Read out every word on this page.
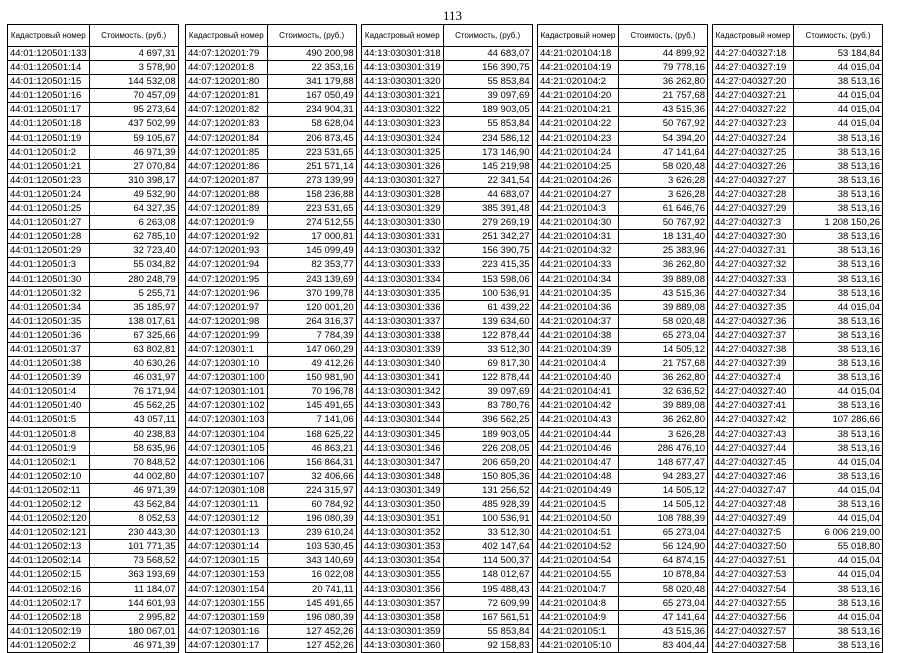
113
Кадастровый номер	Стоимость, (руб.)
44:01:120501:133	4 697,31
44:01:120501:14	3 578,90
44:01:120501:15	144 532,08
44:01:120501:16	70 457,09
44:01:120501:17	95 273,64
44:01:120501:18	437 502,99
44:01:120501:19	59 105,67
44:01:120501:2	46 971,39
44:01:120501:21	27 070,84
44:01:120501:23	310 398,17
44:01:120501:24	49 532,90
44:01:120501:25	64 327,35
44:01:120501:27	6 263,08
44:01:120501:28	62 785,10
44:01:120501:29	32 723,40
44:01:120501:3	55 034,82
44:01:120501:30	280 248,79
44:01:120501:32	5 255,71
44:01:120501:34	35 185,97
44:01:120501:35	138 017,61
44:01:120501:36	67 325,66
44:01:120501:37	63 802,81
44:01:120501:38	40 630,26
44:01:120501:39	46 031,97
44:01:120501:4	76 171,94
44:01:120501:40	45 562,25
44:01:120501:5	43 057,11
44:01:120501:8	40 238,83
44:01:120501:9	58 635,96
44:01:120502:1	70 848,52
44:01:120502:10	44 002,80
44:01:120502:11	46 971,39
44:01:120502:12	43 562,84
44:01:120502:120	8 052,53
44:01:120502:121	230 443,30
44:01:120502:13	101 771,35
44:01:120502:14	73 568,52
44:01:120502:15	363 193,69
44:01:120502:16	11 184,07
44:01:120502:17	144 601,93
44:01:120502:18	2 995,82
44:01:120502:19	180 067,01
44:01:120502:2	46 971,39
Кадастровый номер	Стоимость, (руб.)
44:07:120201:79	490 200,98
44:07:120201:8	22 353,16
44:07:120201:80	341 179,88
44:07:120201:81	167 050,49
44:07:120201:82	234 904,31
44:07:120201:83	58 628,04
44:07:120201:84	206 873,45
44:07:120201:85	223 531,65
44:07:120201:86	251 571,14
44:07:120201:87	273 139,99
44:07:120201:88	158 236,88
44:07:120201:89	223 531,65
44:07:120201:9	274 512,55
44:07:120201:92	17 000,81
44:07:120201:93	145 099,49
44:07:120201:94	82 353,77
44:07:120201:95	243 139,69
44:07:120201:96	370 199,78
44:07:120201:97	120 001,20
44:07:120201:98	264 316,37
44:07:120201:99	7 784,39
44:07:120301:1	147 060,29
44:07:120301:10	49 412,26
44:07:120301:100	150 981,90
44:07:120301:101	70 196,78
44:07:120301:102	145 491,65
44:07:120301:103	7 141,06
44:07:120301:104	168 625,22
44:07:120301:105	46 863,21
44:07:120301:106	156 864,31
44:07:120301:107	32 406,66
44:07:120301:108	224 315,97
44:07:120301:11	60 784,92
44:07:120301:12	196 080,39
44:07:120301:13	239 610,24
44:07:120301:14	103 530,45
44:07:120301:15	343 140,69
44:07:120301:153	16 022,08
44:07:120301:154	20 741,11
44:07:120301:155	145 491,65
44:07:120301:159	196 080,39
44:07:120301:16	127 452,26
44:07:120301:17	127 452,26
Кадастровый номер	Стоимость, (руб.)
44:13:030301:318	44 683,07
44:13:030301:319	156 390,75
44:13:030301:320	55 853,84
44:13:030301:321	39 097,69
44:13:030301:322	189 903,05
44:13:030301:323	55 853,84
44:13:030301:324	234 586,12
44:13:030301:325	173 146,90
44:13:030301:326	145 219,98
44:13:030301:327	22 341,54
44:13:030301:328	44 683,07
44:13:030301:329	385 391,48
44:13:030301:330	279 269,19
44:13:030301:331	251 342,27
44:13:030301:332	156 390,75
44:13:030301:333	223 415,35
44:13:030301:334	153 598,06
44:13:030301:335	100 536,91
44:13:030301:336	61 439,22
44:13:030301:337	139 634,60
44:13:030301:338	122 878,44
44:13:030301:339	33 512,30
44:13:030301:340	69 817,30
44:13:030301:341	122 878,44
44:13:030301:342	39 097,69
44:13:030301:343	83 780,76
44:13:030301:344	396 562,25
44:13:030301:345	189 903,05
44:13:030301:346	226 208,05
44:13:030301:347	206 659,20
44:13:030301:348	150 805,36
44:13:030301:349	131 256,52
44:13:030301:350	485 928,39
44:13:030301:351	100 536,91
44:13:030301:352	33 512,30
44:13:030301:353	402 147,64
44:13:030301:354	114 500,37
44:13:030301:355	148 012,67
44:13:030301:356	195 488,43
44:13:030301:357	72 609,99
44:13:030301:358	167 561,51
44:13:030301:359	55 853,84
44:13:030301:360	92 158,83
Кадастровый номер	Стоимость, (руб.)
44:21:020104:18	44 899,92
44:21:020104:19	79 778,16
44:21:020104:2	36 262,80
44:21:020104:20	21 757,68
44:21:020104:21	43 515,36
44:21:020104:22	50 767,92
44:21:020104:23	54 394,20
44:21:020104:24	47 141,64
44:21:020104:25	58 020,48
44:21:020104:26	3 626,28
44:21:020104:27	3 626,28
44:21:020104:3	61 646,76
44:21:020104:30	50 767,92
44:21:020104:31	18 131,40
44:21:020104:32	25 383,96
44:21:020104:33	36 262,80
44:21:020104:34	39 889,08
44:21:020104:35	43 515,36
44:21:020104:36	39 889,08
44:21:020104:37	58 020,48
44:21:020104:38	65 273,04
44:21:020104:39	14 505,12
44:21:020104:4	21 757,68
44:21:020104:40	36 262,80
44:21:020104:41	32 636,52
44:21:020104:42	39 889,08
44:21:020104:43	36 262,80
44:21:020104:44	3 626,28
44:21:020104:46	286 476,10
44:21:020104:47	148 677,47
44:21:020104:48	94 283,27
44:21:020104:49	14 505,12
44:21:020104:5	14 505,12
44:21:020104:50	108 788,39
44:21:020104:51	65 273,04
44:21:020104:52	56 124,90
44:21:020104:54	64 874,15
44:21:020104:55	10 878,84
44:21:020104:7	58 020,48
44:21:020104:8	65 273,04
44:21:020104:9	47 141,64
44:21:020105:1	43 515,36
44:21:020105:10	83 404,44
Кадастровый номер	Стоимость, (руб.)
44:27:040327:18	53 184,84
44:27:040327:19	44 015,04
44:27:040327:20	38 513,16
44:27:040327:21	44 015,04
44:27:040327:22	44 015,04
44:27:040327:23	44 015,04
44:27:040327:24	38 513,16
44:27:040327:25	38 513,16
44:27:040327:26	38 513,16
44:27:040327:27	38 513,16
44:27:040327:28	38 513,16
44:27:040327:29	38 513,16
44:27:040327:3	1 208 150,26
44:27:040327:30	38 513,16
44:27:040327:31	38 513,16
44:27:040327:32	38 513,16
44:27:040327:33	38 513,16
44:27:040327:34	38 513,16
44:27:040327:35	44 015,04
44:27:040327:36	38 513,16
44:27:040327:37	38 513,16
44:27:040327:38	38 513,16
44:27:040327:39	38 513,16
44:27:040327:4	38 513,16
44:27:040327:40	44 015,04
44:27:040327:41	38 513,16
44:27:040327:42	107 286,66
44:27:040327:43	38 513,16
44:27:040327:44	38 513,16
44:27:040327:45	44 015,04
44:27:040327:46	38 513,16
44:27:040327:47	44 015,04
44:27:040327:48	38 513,16
44:27:040327:49	44 015,04
44:27:040327:5	6 006 219,00
44:27:040327:50	55 018,80
44:27:040327:51	44 015,04
44:27:040327:53	44 015,04
44:27:040327:54	38 513,16
44:27:040327:55	38 513,16
44:27:040327:56	44 015,04
44:27:040327:57	38 513,16
44:27:040327:58	38 513,16
